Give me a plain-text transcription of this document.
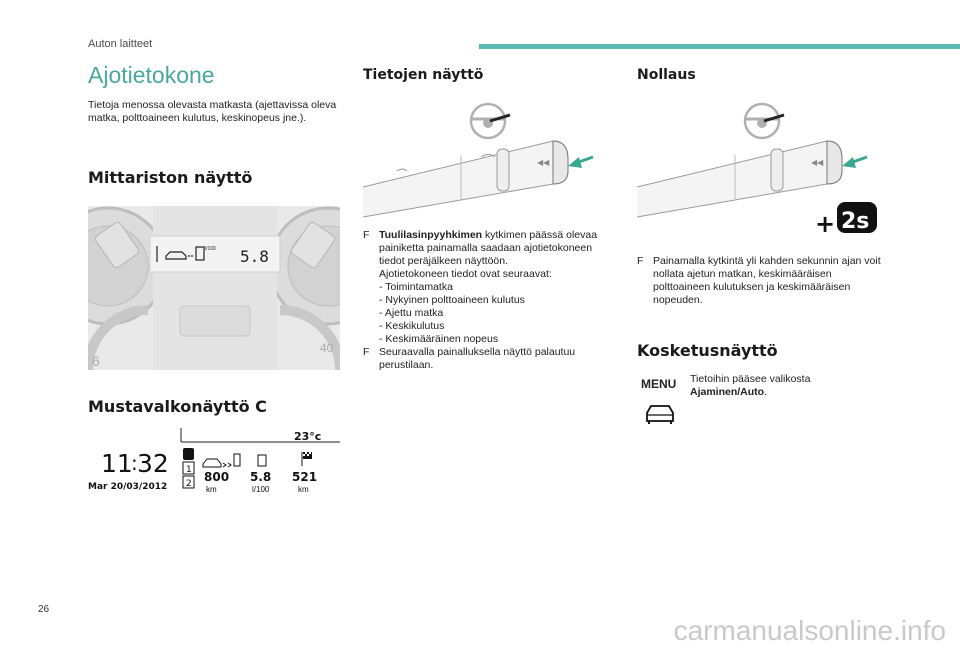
Auton laitteet
Ajotietokone
Tietoja menossa olevasta matkasta (ajettavissa oleva matka, polttoaineen kulutus, keskinopeus jne.).
Mittariston näyttö
l/100 5.8
6
40
Mustavalkonäyttö C
23°c
11
: 32
Mar 20/03/2012
1
2 800
km
5.8
l/100
521
km
Tietojen näyttö
◀◀
F Tuulilasinpyyhkimen kytkimen päässä olevaa painiketta painamalla saadaan ajotietokoneen tiedot peräjälkeen näyttöön.
Ajotietokoneen tiedot ovat seuraavat:
- Toimintamatka
- Nykyinen polttoaineen kulutus
- Ajettu matka
- Keskikulutus
- Keskimääräinen nopeus
F Seuraavalla painalluksella näyttö palautuu perustilaan.
Nollaus
◀◀
+ 2s
F Painamalla kytkintä yli kahden sekunnin ajan voit nollata ajetun matkan, keskimääräisen polttoaineen kulutuksen ja keskimääräisen nopeuden.
Kosketusnäyttö
MENU Tietoihin pääsee valikosta Ajaminen/Auto.
26
carmanualsonline.info
